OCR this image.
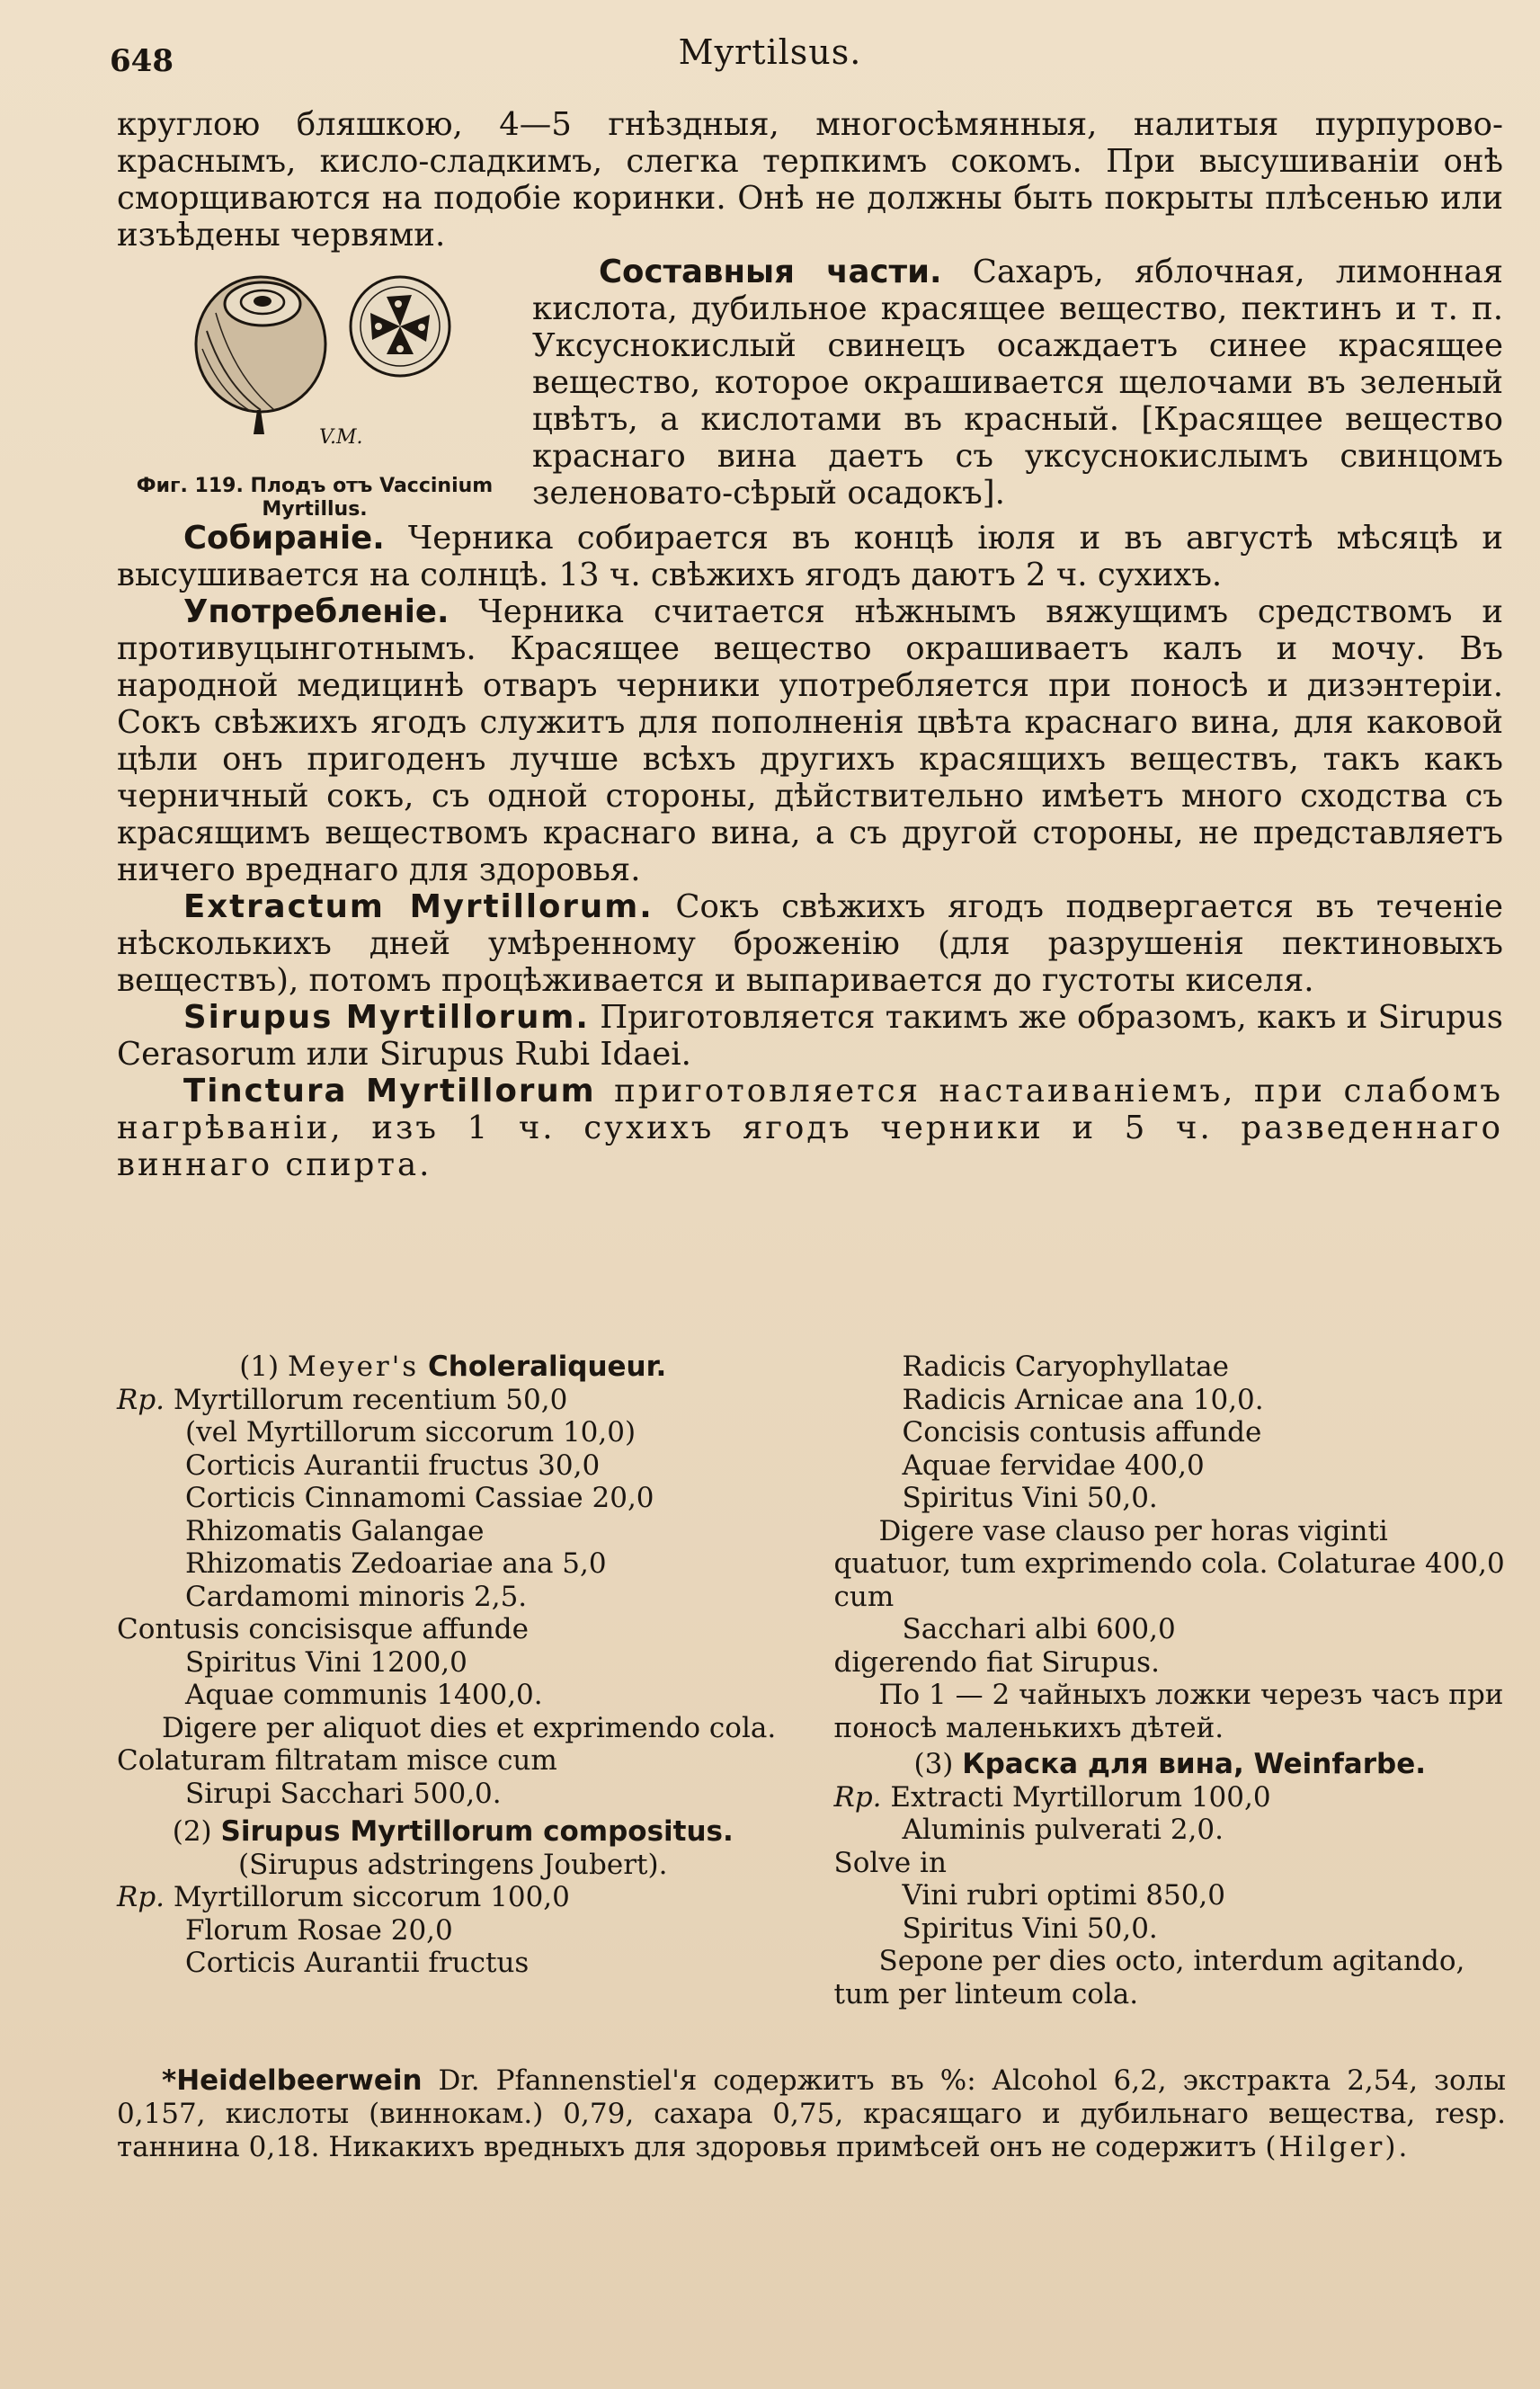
648	Myrtilsus.

круглою бляшкою, 4—5 гнѣздныя, многосѣмянныя, налитыя пурпурово-краснымъ, кисло-сладкимъ, слегка терпкимъ сокомъ. При высушиваніи онѣ сморщиваются на подобіе коринки. Онѣ не должны быть покрыты плѣсенью или изъѣдены червями.

V.M.
Фиг. 119. Плодъ отъ Vaccinium Myrtillus.

Составныя части. Сахаръ, яблочная, лимонная кислота, дубильное красящее вещество, пектинъ и т. п. Уксуснокислый свинецъ осаждаетъ синее красящее вещество, которое окрашивается щелочами въ зеленый цвѣтъ, а кислотами въ красный. [Красящее вещество краснаго вина даетъ съ уксуснокислымъ свинцомъ зеленовато-сѣрый осадокъ].

Собираніе. Черника собирается въ концѣ іюля и въ августѣ мѣсяцѣ и высушивается на солнцѣ. 13 ч. свѣжихъ ягодъ даютъ 2 ч. сухихъ.

Употребленіе. Черника считается нѣжнымъ вяжущимъ средствомъ и противуцынготнымъ. Красящее вещество окрашиваетъ калъ и мочу. Въ народной медицинѣ отваръ черники употребляется при поносѣ и дизэнтеріи. Сокъ свѣжихъ ягодъ служитъ для пополненія цвѣта краснаго вина, для каковой цѣли онъ пригоденъ лучше всѣхъ другихъ красящихъ веществъ, такъ какъ черничный сокъ, съ одной стороны, дѣйствительно имѣетъ много сходства съ красящимъ веществомъ краснаго вина, а съ другой стороны, не представляетъ ничего вреднаго для здоровья.

Extractum Myrtillorum. Сокъ свѣжихъ ягодъ подвергается въ теченіе нѣсколькихъ дней умѣренному броженію (для разрушенія пектиновыхъ веществъ), потомъ процѣживается и выпаривается до густоты киселя.

Sirupus Myrtillorum. Приготовляется такимъ же образомъ, какъ и Sirupus Cerasorum или Sirupus Rubi Idaei.

Tinctura Myrtillorum приготовляется настаиваніемъ, при слабомъ нагрѣваніи, изъ 1 ч. сухихъ ягодъ черники и 5 ч. разведеннаго виннаго спирта.

(1) Meyer's Choleraliqueur.

Rp. Myrtillorum recentium 50,0

(vel Myrtillorum siccorum 10,0)

Corticis Aurantii fructus 30,0

Corticis Cinnamomi Cassiae 20,0

Rhizomatis Galangae

Rhizomatis Zedoariae ana 5,0

Cardamomi minoris 2,5.

Contusis concisisque affunde

Spiritus Vini 1200,0

Aquae communis 1400,0.

Digere per aliquot dies et exprimendo cola. Colaturam filtratam misce cum

Sirupi Sacchari 500,0.

(2) Sirupus Myrtillorum compositus.

(Sirupus adstringens Joubert).

Rp. Myrtillorum siccorum 100,0

Florum Rosae 20,0

Corticis Aurantii fructus

Radicis Caryophyllatae

Radicis Arnicae ana 10,0.

Concisis contusis affunde

Aquae fervidae 400,0

Spiritus Vini 50,0.

Digere vase clauso per horas viginti quatuor, tum exprimendo cola. Colaturae 400,0 cum

Sacchari albi 600,0

digerendo fiat Sirupus.

По 1 — 2 чайныхъ ложки черезъ часъ при поносѣ маленькихъ дѣтей.

(3) Краска для вина, Weinfarbe.

Rp. Extracti Myrtillorum 100,0

Aluminis pulverati 2,0.

Solve in

Vini rubri optimi 850,0

Spiritus Vini 50,0.

Sepone per dies octo, interdum agitando, tum per linteum cola.

*Heidelbeerwein Dr. Pfannenstiel'я содержитъ въ %: Alcohol 6,2, экстракта 2,54, золы 0,157, кислоты (виннокам.) 0,79, сахара 0,75, красящаго и дубильнаго вещества, resp. таннина 0,18. Никакихъ вредныхъ для здоровья примѣсей онъ не содержитъ (Hilger).
